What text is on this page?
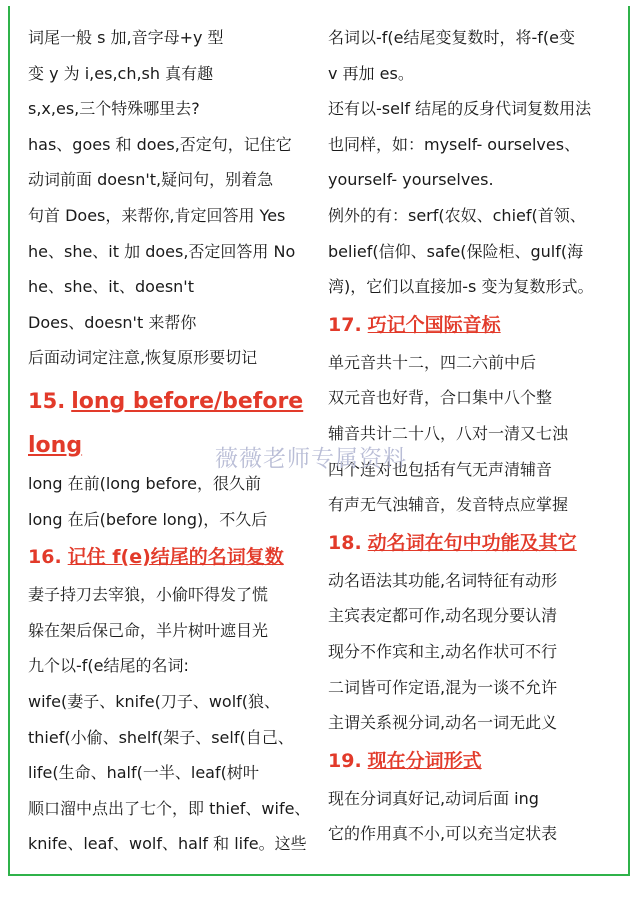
词尾一般 s 加,音字母+y 型
变 y 为 i,es,ch,sh 真有趣
s,x,es,三个特殊哪里去?
has、goes 和 does,否定句，记住它
动词前面 doesn't,疑问句，别着急
句首 Does，来帮你,肯定回答用 Yes
he、she、it 加 does,否定回答用 No
he、she、it、doesn't
Does、doesn't 来帮你
后面动词定注意,恢复原形要切记
15. long before/before
long
long 在前(long before，很久前
long 在后(before long)，不久后
16. 记住 f(e)结尾的名词复数
妻子持刀去宰狼，小偷吓得发了慌
躲在架后保己命，半片树叶遮目光
九个以-f(e结尾的名词:
wife(妻子、knife(刀子、wolf(狼、
thief(小偷、shelf(架子、self(自己、
life(生命、half(一半、leaf(树叶
顺口溜中点出了七个，即 thief、wife、
knife、leaf、wolf、half 和 life。这些
名词以-f(e结尾变复数时，将-f(e变
v 再加 es。
还有以-self 结尾的反身代词复数用法
也同样，如：myself- ourselves、
yourself- yourselves.
例外的有：serf(农奴、chief(首领、
belief(信仰、safe(保险柜、gulf(海
湾)，它们以直接加-s 变为复数形式。
17. 巧记个国际音标
单元音共十二，四二六前中后
双元音也好背，合口集中八个整
辅音共计二十八，八对一清又七浊
四个连对也包括有气无声清辅音
有声无气浊辅音，发音特点应掌握
18. 动名词在句中功能及其它
动名语法其功能,名词特征有动形
主宾表定都可作,动名现分要认清
现分不作宾和主,动名作状可不行
二词皆可作定语,混为一谈不允许
主谓关系视分词,动名一词无此义
19. 现在分词形式
现在分词真好记,动词后面 ing
它的作用真不小,可以充当定状表
薇薇老师专属资料
